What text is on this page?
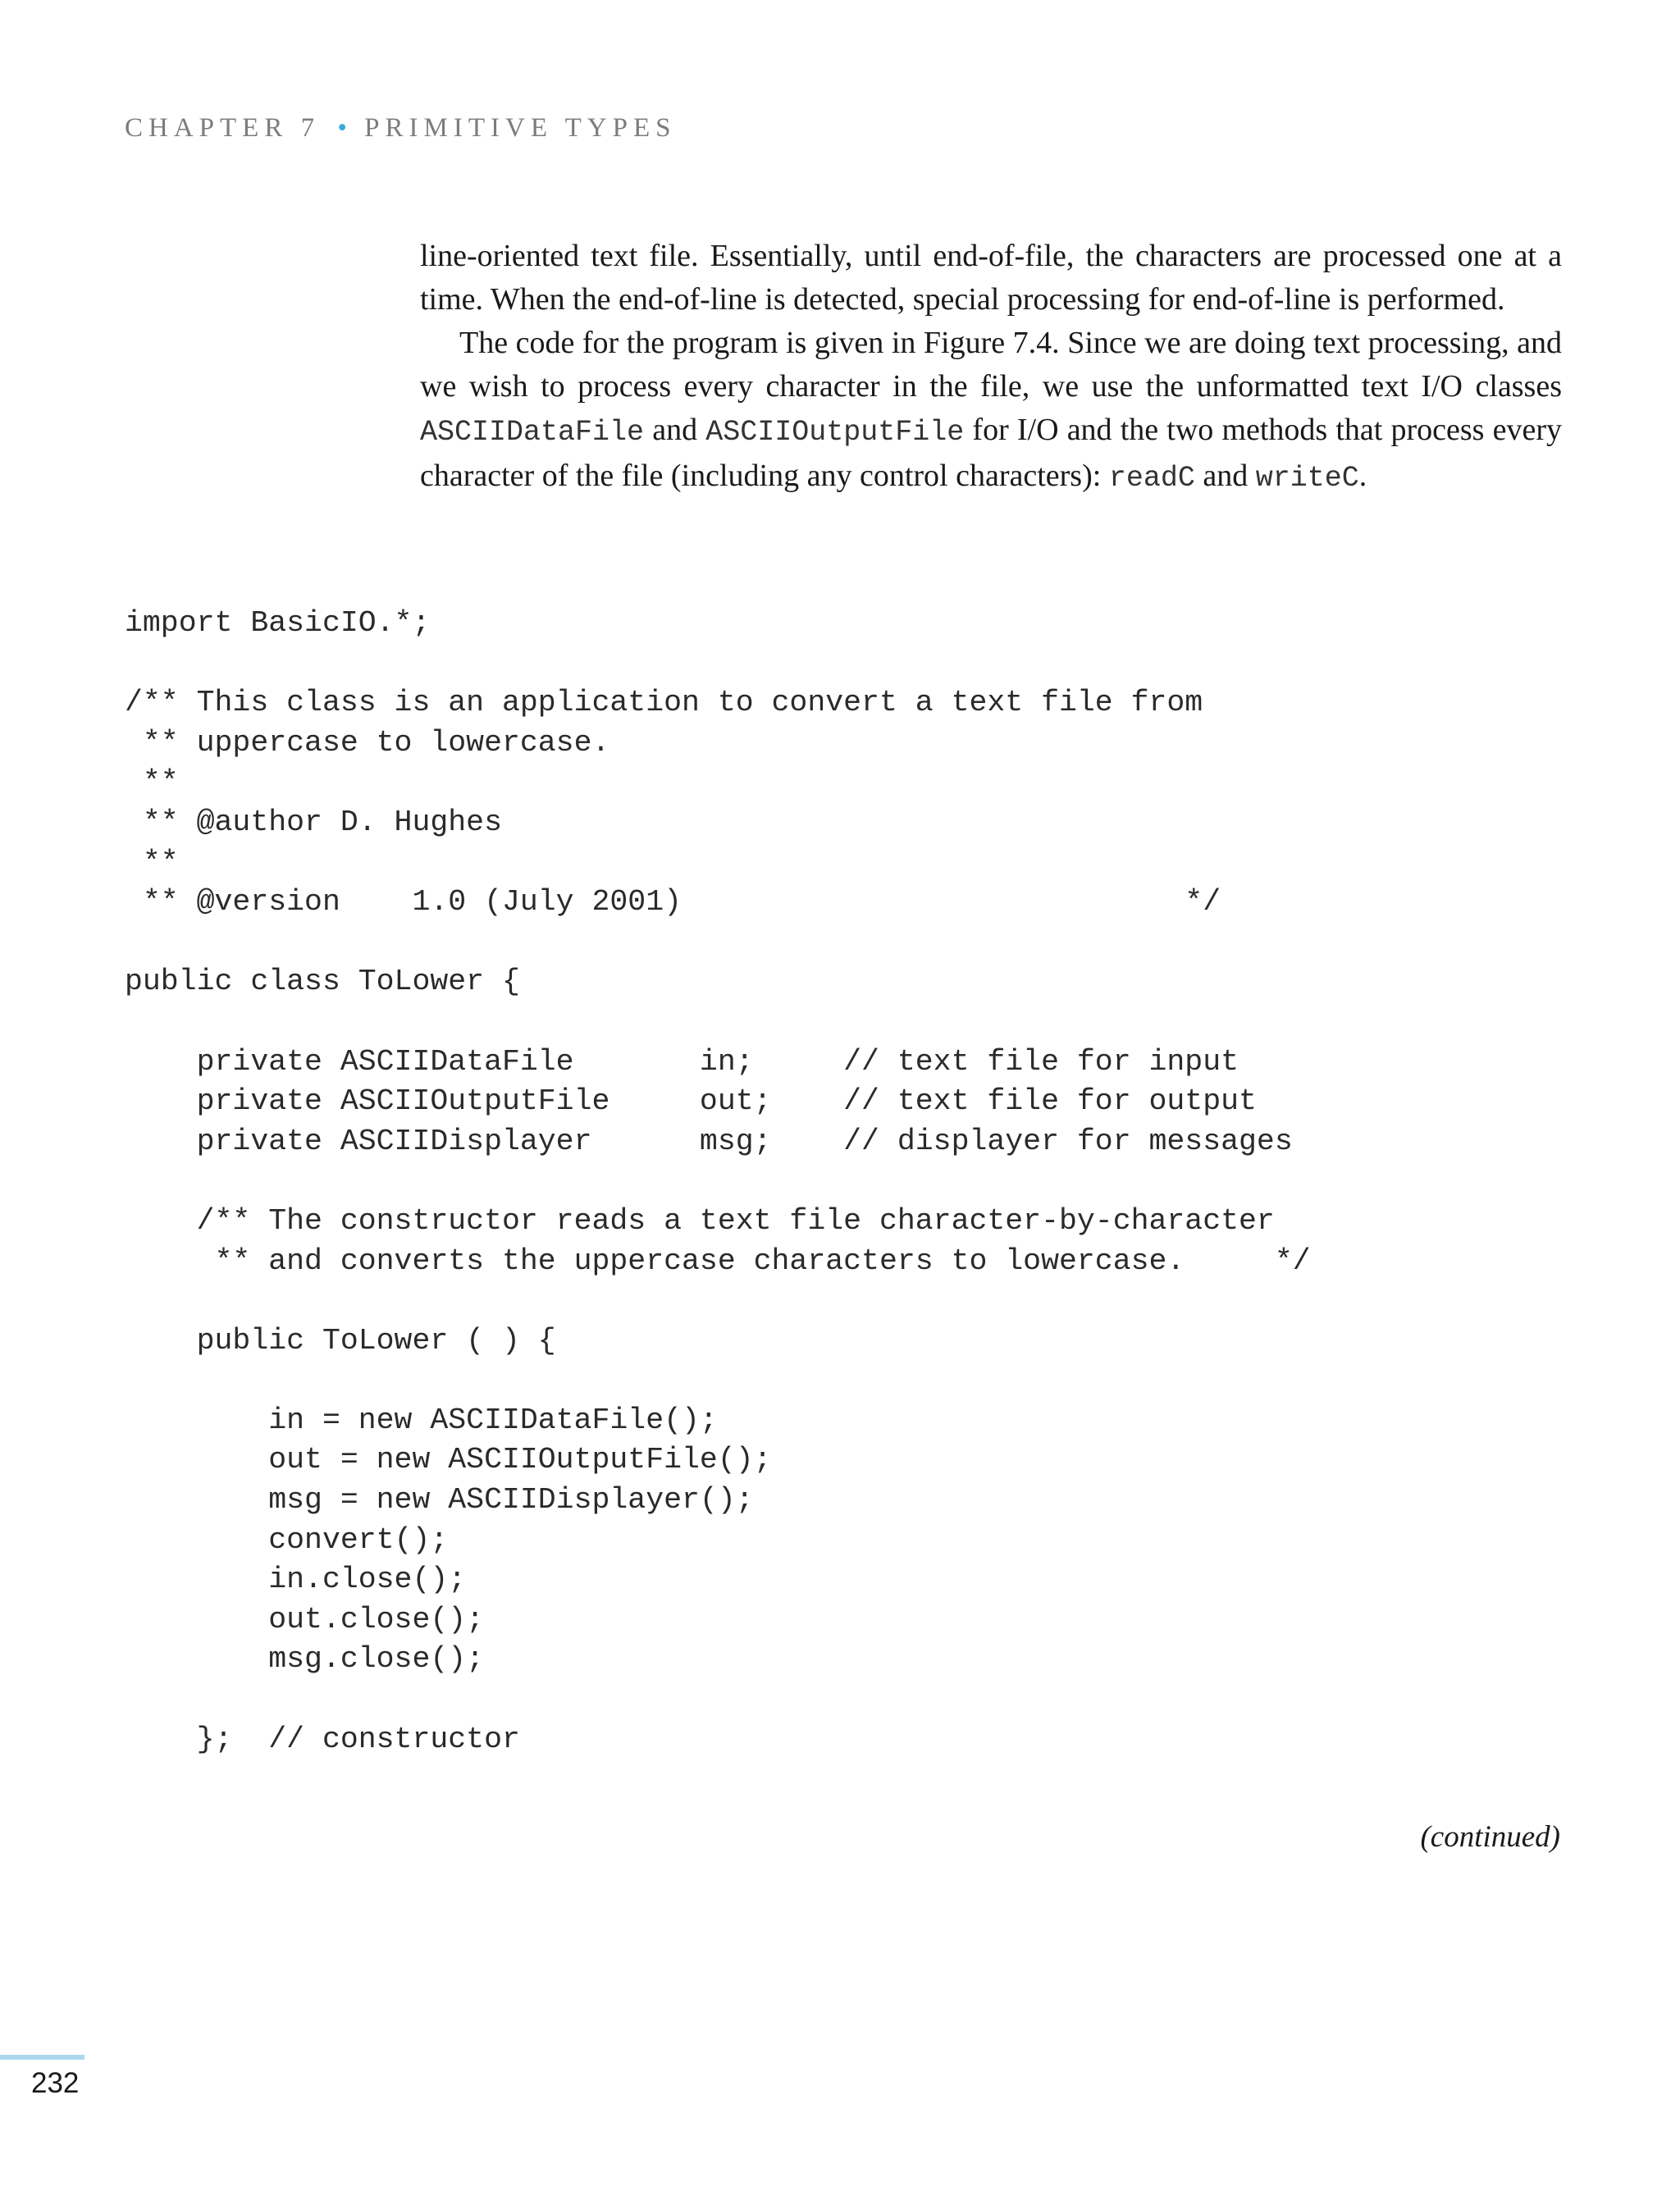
CHAPTER 7 • PRIMITIVE TYPES

line-oriented text file. Essentially, until end-of-file, the characters are processed one at a time. When the end-of-line is detected, special processing for end-of-line is performed.

The code for the program is given in Figure 7.4. Since we are doing text processing, and we wish to process every character in the file, we use the unformatted text I/O classes ASCIIDataFile and ASCIIOutputFile for I/O and the two methods that process every character of the file (including any control characters): readC and writeC.

import BasicIO.*;

/** This class is an application to convert a text file from
** uppercase to lowercase.
**
** @author D. Hughes
**
** @version    1.0 (July 2001)                            */

public class ToLower {

private ASCIIDataFile       in;     // text file for input
private ASCIIOutputFile     out;    // text file for output
private ASCIIDisplayer      msg;    // displayer for messages

/** The constructor reads a text file character-by-character
** and converts the uppercase characters to lowercase.     */

public ToLower ( ) {

in = new ASCIIDataFile();
out = new ASCIIOutputFile();
msg = new ASCIIDisplayer();
convert();
in.close();
out.close();
msg.close();

};  // constructor
(continued)
232
